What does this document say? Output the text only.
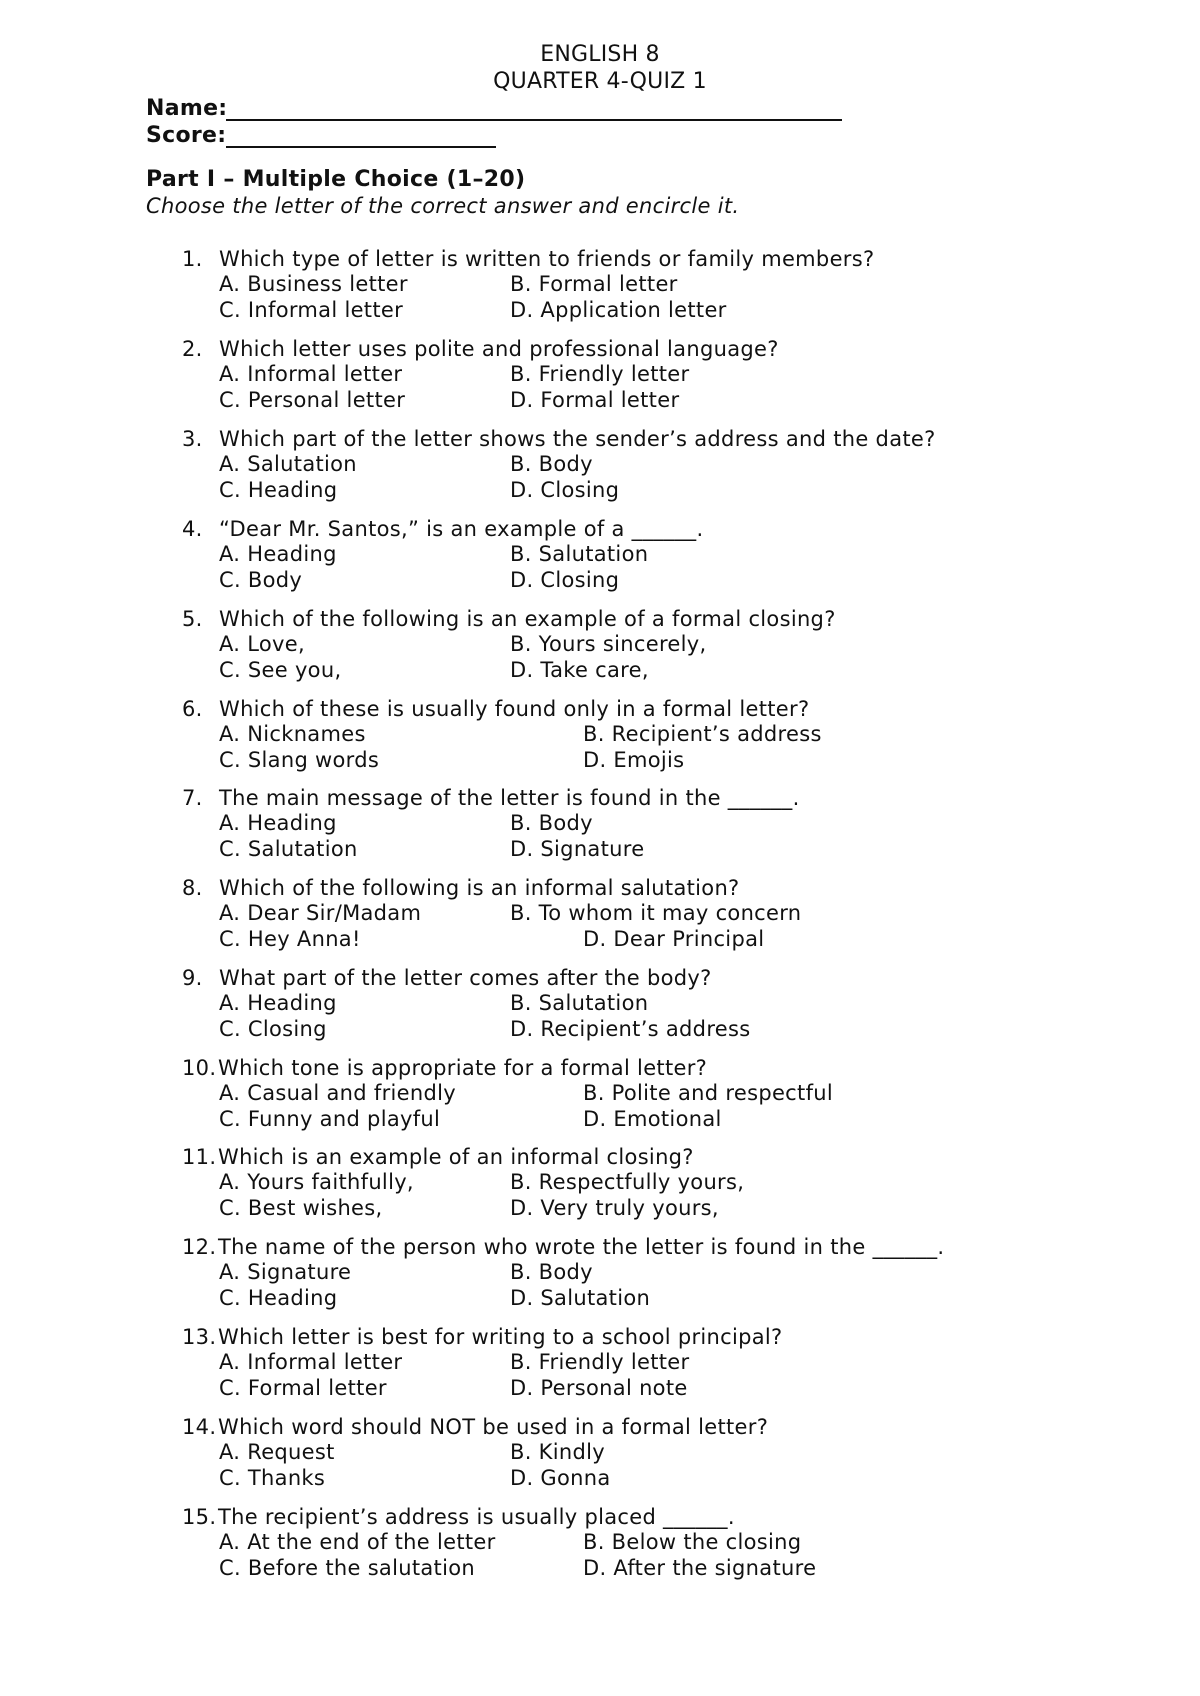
ENGLISH 8
QUARTER 4-QUIZ 1
Name:
Score:
Part I – Multiple Choice (1–20)
Choose the letter of the correct answer and encircle it.
1. Which type of letter is written to friends or family members?
A. Business letter	B. Formal letter
C. Informal letter	D. Application letter
2. Which letter uses polite and professional language?
A. Informal letter	B. Friendly letter
C. Personal letter	D. Formal letter
3. Which part of the letter shows the sender’s address and the date?
A. Salutation	B. Body
C. Heading	D. Closing
4. “Dear Mr. Santos,” is an example of a ______.
A. Heading	B. Salutation
C. Body	D. Closing
5. Which of the following is an example of a formal closing?
A. Love,	B. Yours sincerely,
C. See you,	D. Take care,
6. Which of these is usually found only in a formal letter?
A. Nicknames	B. Recipient’s address
C. Slang words	D. Emojis
7. The main message of the letter is found in the ______.
A. Heading	B. Body
C. Salutation	D. Signature
8. Which of the following is an informal salutation?
A. Dear Sir/Madam	B. To whom it may concern
C. Hey Anna!	D. Dear Principal
9. What part of the letter comes after the body?
A. Heading	B. Salutation
C. Closing	D. Recipient’s address
10. Which tone is appropriate for a formal letter?
A. Casual and friendly	B. Polite and respectful
C. Funny and playful	D. Emotional
11. Which is an example of an informal closing?
A. Yours faithfully,	B. Respectfully yours,
C. Best wishes,	D. Very truly yours,
12. The name of the person who wrote the letter is found in the ______.
A. Signature	B. Body
C. Heading	D. Salutation
13. Which letter is best for writing to a school principal?
A. Informal letter	B. Friendly letter
C. Formal letter	D. Personal note
14. Which word should NOT be used in a formal letter?
A. Request	B. Kindly
C. Thanks	D. Gonna
15. The recipient’s address is usually placed ______.
A. At the end of the letter	B. Below the closing
C. Before the salutation	D. After the signature
